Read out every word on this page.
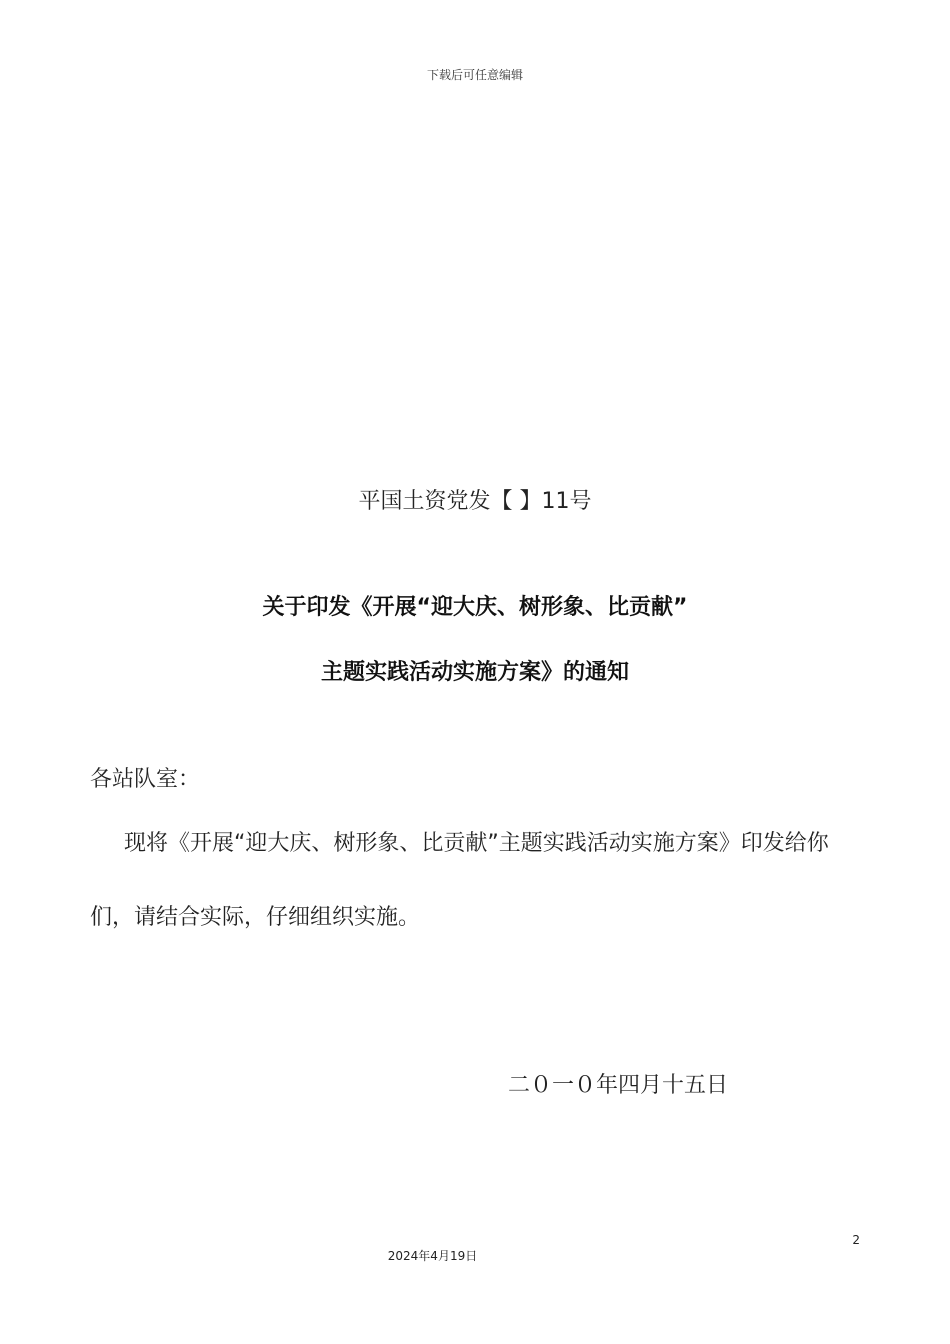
下载后可任意编辑
平国土资党发【 】11号
关于印发《开展“迎大庆、树形象、比贡献”
主题实践活动实施方案》的通知
各站队室：
现将《开展“迎大庆、树形象、比贡献”主题实践活动实施方案》印发给你
们，请结合实际，仔细组织实施。
二０一０年四月十五日
2
2024年4月19日
